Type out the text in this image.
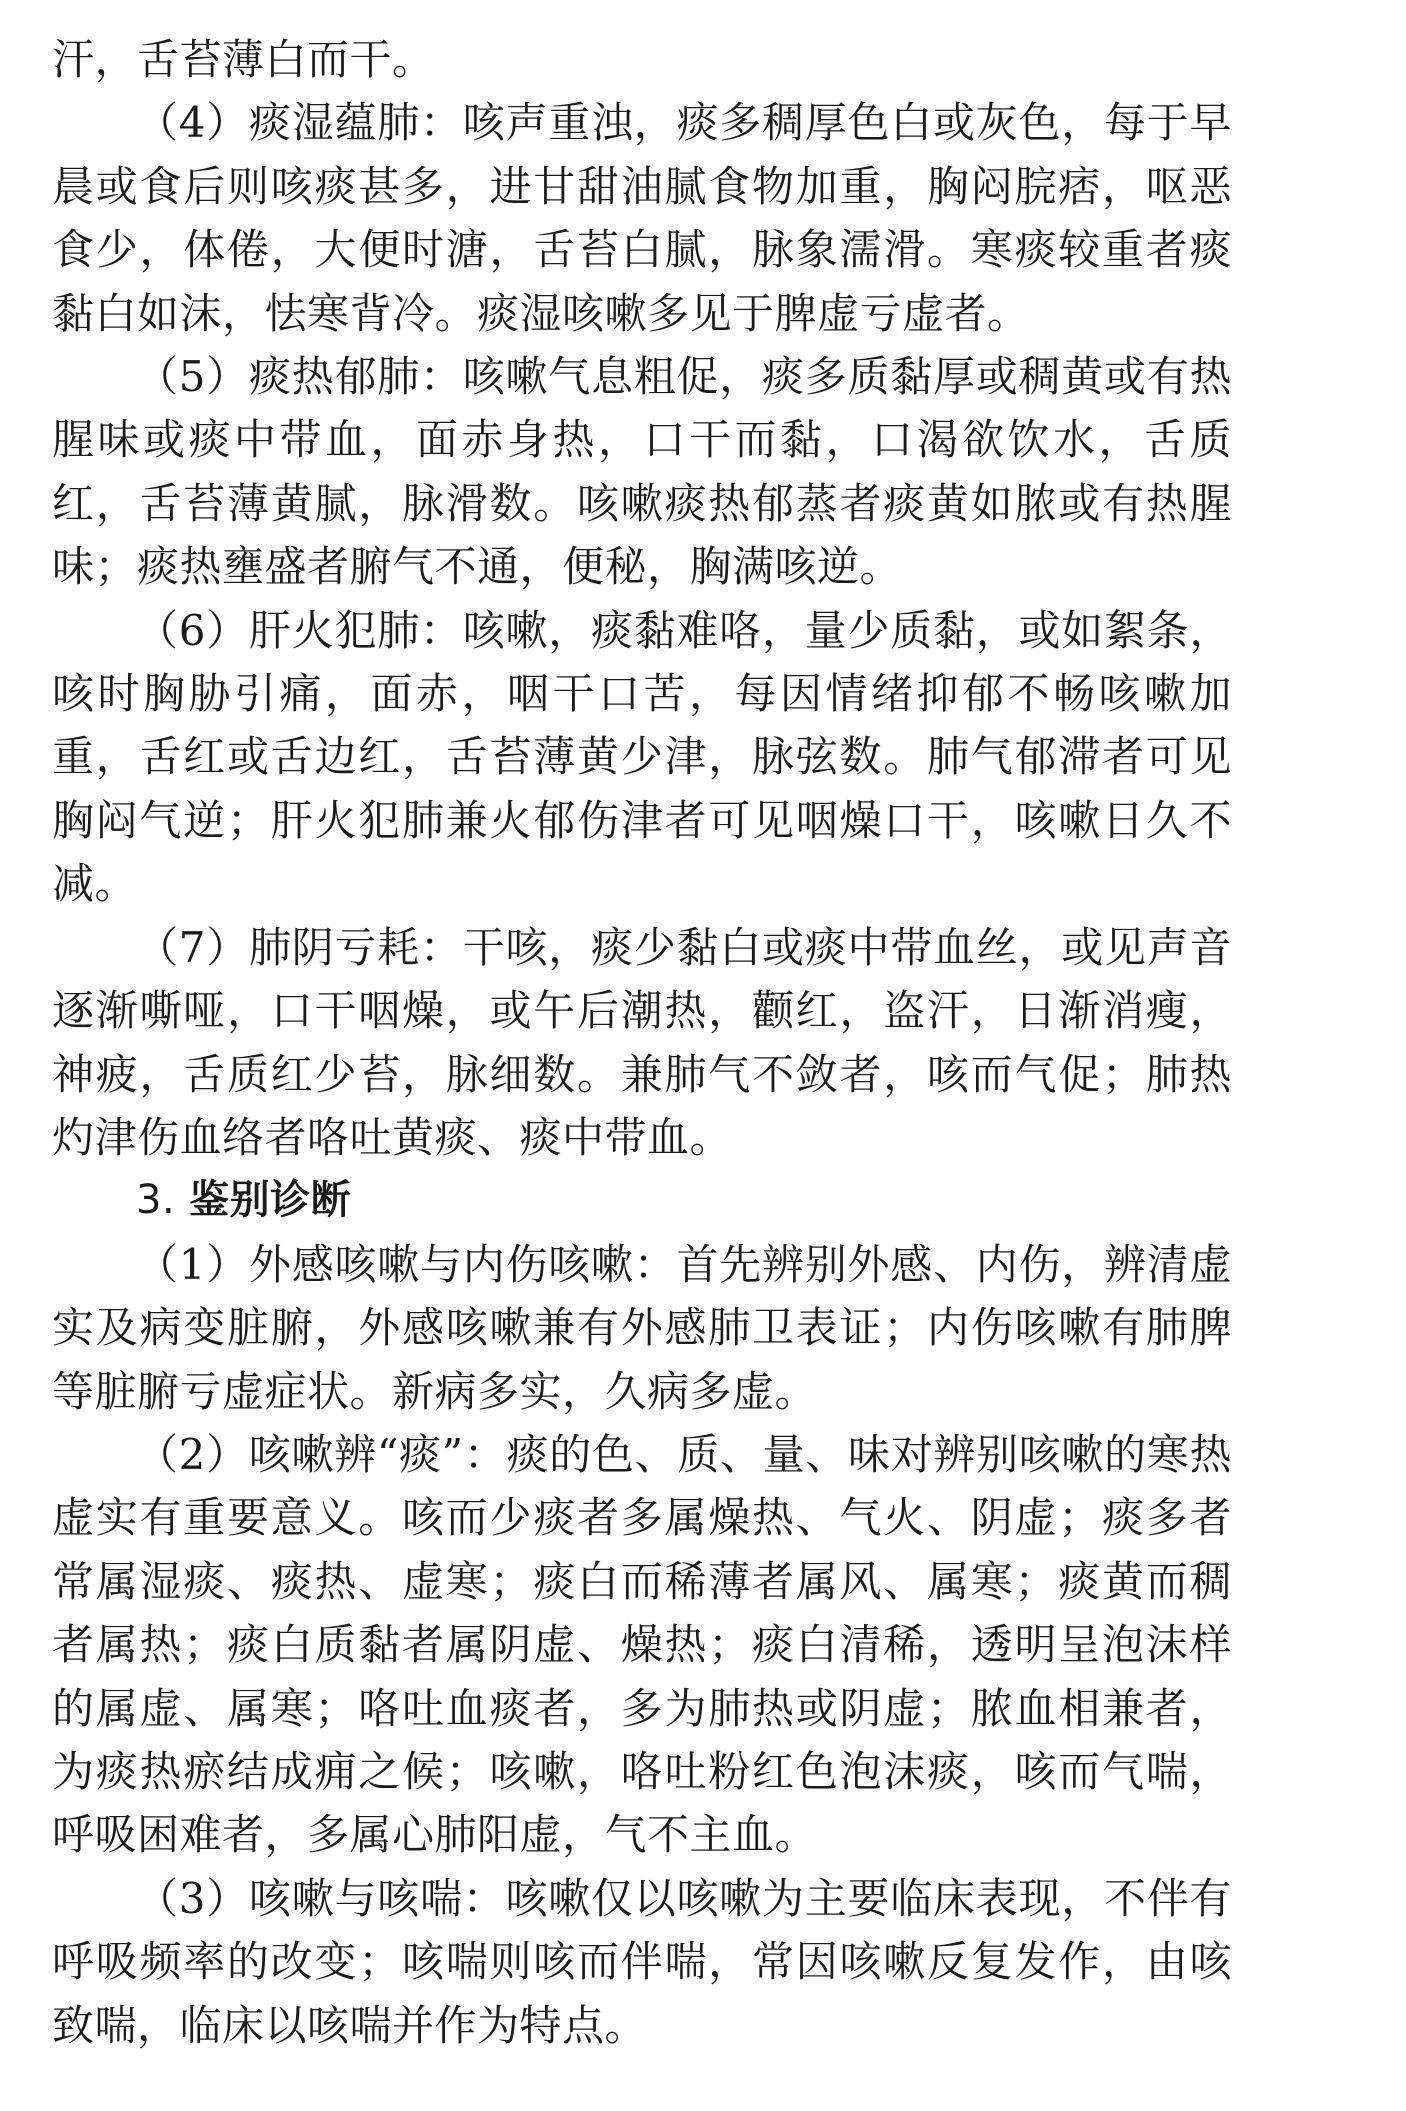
汗，舌苔薄白而干。

（4）痰湿蕴肺：咳声重浊，痰多稠厚色白或灰色，每于早晨或食后则咳痰甚多，进甘甜油腻食物加重，胸闷脘痞，呕恶食少，体倦，大便时溏，舌苔白腻，脉象濡滑。寒痰较重者痰黏白如沫，怯寒背冷。痰湿咳嗽多见于脾虚亏虚者。

（5）痰热郁肺：咳嗽气息粗促，痰多质黏厚或稠黄或有热腥味或痰中带血，面赤身热，口干而黏，口渴欲饮水，舌质红，舌苔薄黄腻，脉滑数。咳嗽痰热郁蒸者痰黄如脓或有热腥味；痰热壅盛者腑气不通，便秘，胸满咳逆。

（6）肝火犯肺：咳嗽，痰黏难咯，量少质黏，或如絮条，咳时胸胁引痛，面赤，咽干口苦，每因情绪抑郁不畅咳嗽加重，舌红或舌边红，舌苔薄黄少津，脉弦数。肺气郁滞者可见胸闷气逆；肝火犯肺兼火郁伤津者可见咽燥口干，咳嗽日久不减。

（7）肺阴亏耗：干咳，痰少黏白或痰中带血丝，或见声音逐渐嘶哑，口干咽燥，或午后潮热，颧红，盗汗，日渐消瘦，神疲，舌质红少苔，脉细数。兼肺气不敛者，咳而气促；肺热灼津伤血络者咯吐黄痰、痰中带血。

3. 鉴别诊断

（1）外感咳嗽与内伤咳嗽：首先辨别外感、内伤，辨清虚实及病变脏腑，外感咳嗽兼有外感肺卫表证；内伤咳嗽有肺脾等脏腑亏虚症状。新病多实，久病多虚。

（2）咳嗽辨“痰”：痰的色、质、量、味对辨别咳嗽的寒热虚实有重要意义。咳而少痰者多属燥热、气火、阴虚；痰多者常属湿痰、痰热、虚寒；痰白而稀薄者属风、属寒；痰黄而稠者属热；痰白质黏者属阴虚、燥热；痰白清稀，透明呈泡沫样的属虚、属寒；咯吐血痰者，多为肺热或阴虚；脓血相兼者，为痰热瘀结成痈之候；咳嗽，咯吐粉红色泡沫痰，咳而气喘，呼吸困难者，多属心肺阳虚，气不主血。

（3）咳嗽与咳喘：咳嗽仅以咳嗽为主要临床表现，不伴有呼吸频率的改变；咳喘则咳而伴喘，常因咳嗽反复发作，由咳致喘，临床以咳喘并作为特点。
